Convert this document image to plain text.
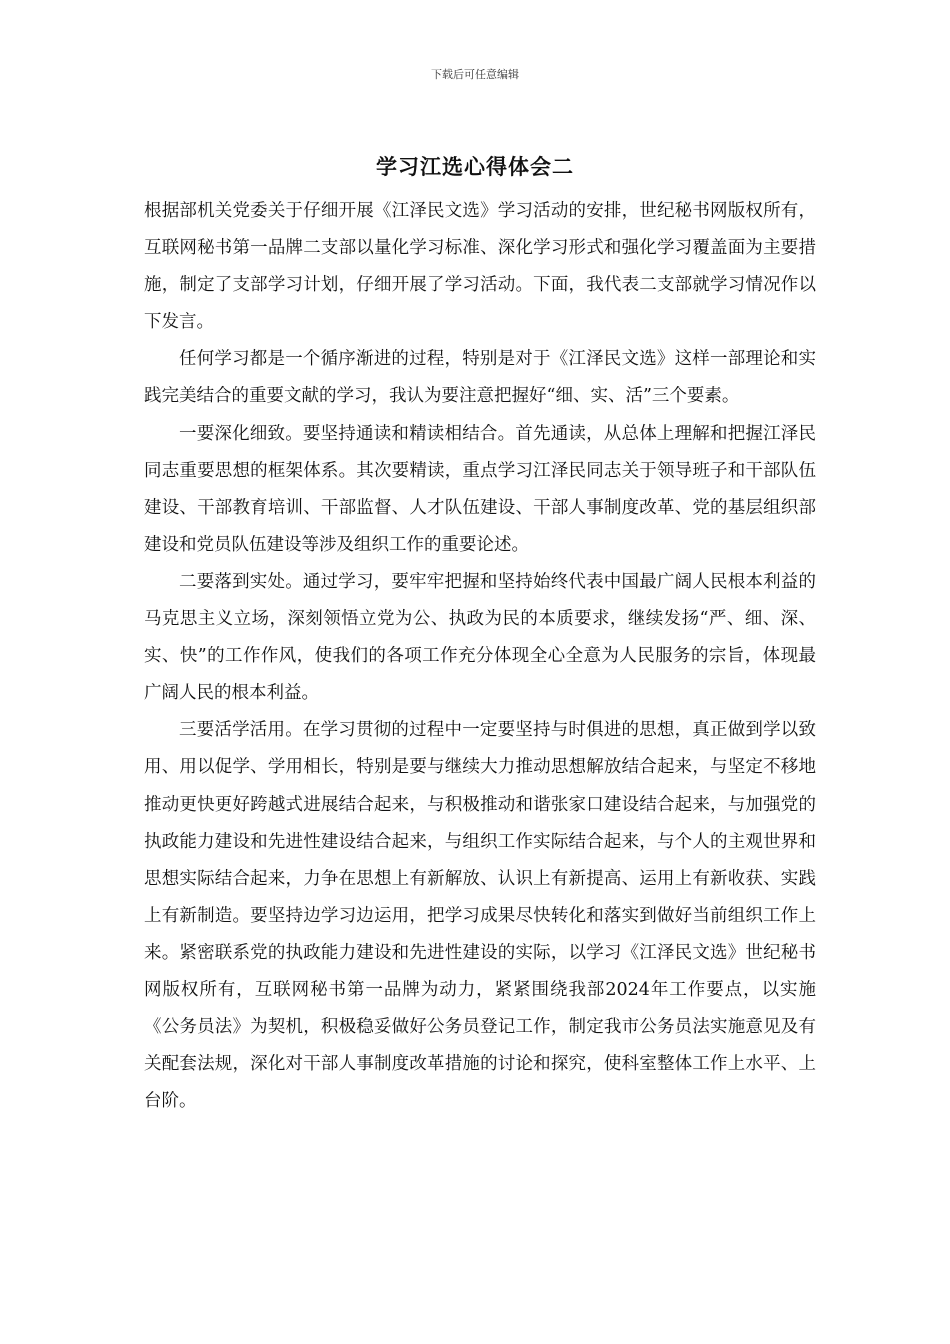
下载后可任意编辑
学习江选心得体会二

根据部机关党委关于仔细开展《江泽民文选》学习活动的安排，世纪秘书网版权所有，互联网秘书第一品牌二支部以量化学习标准、深化学习形式和强化学习覆盖面为主要措施，制定了支部学习计划，仔细开展了学习活动。下面，我代表二支部就学习情况作以下发言。

任何学习都是一个循序渐进的过程，特别是对于《江泽民文选》这样一部理论和实践完美结合的重要文献的学习，我认为要注意把握好“细、实、活”三个要素。

一要深化细致。要坚持通读和精读相结合。首先通读，从总体上理解和把握江泽民同志重要思想的框架体系。其次要精读，重点学习江泽民同志关于领导班子和干部队伍建设、干部教育培训、干部监督、人才队伍建设、干部人事制度改革、党的基层组织部建设和党员队伍建设等涉及组织工作的重要论述。

二要落到实处。通过学习，要牢牢把握和坚持始终代表中国最广阔人民根本利益的马克思主义立场，深刻领悟立党为公、执政为民的本质要求，继续发扬“严、细、深、实、快”的工作作风，使我们的各项工作充分体现全心全意为人民服务的宗旨，体现最广阔人民的根本利益。

三要活学活用。在学习贯彻的过程中一定要坚持与时俱进的思想，真正做到学以致用、用以促学、学用相长，特别是要与继续大力推动思想解放结合起来，与坚定不移地推动更快更好跨越式进展结合起来，与积极推动和谐张家口建设结合起来，与加强党的执政能力建设和先进性建设结合起来，与组织工作实际结合起来，与个人的主观世界和思想实际结合起来，力争在思想上有新解放、认识上有新提高、运用上有新收获、实践上有新制造。要坚持边学习边运用，把学习成果尽快转化和落实到做好当前组织工作上来。紧密联系党的执政能力建设和先进性建设的实际，以学习《江泽民文选》世纪秘书网版权所有，互联网秘书第一品牌为动力，紧紧围绕我部2024年工作要点，以实施《公务员法》为契机，积极稳妥做好公务员登记工作，制定我市公务员法实施意见及有关配套法规，深化对干部人事制度改革措施的讨论和探究，使科室整体工作上水平、上台阶。
